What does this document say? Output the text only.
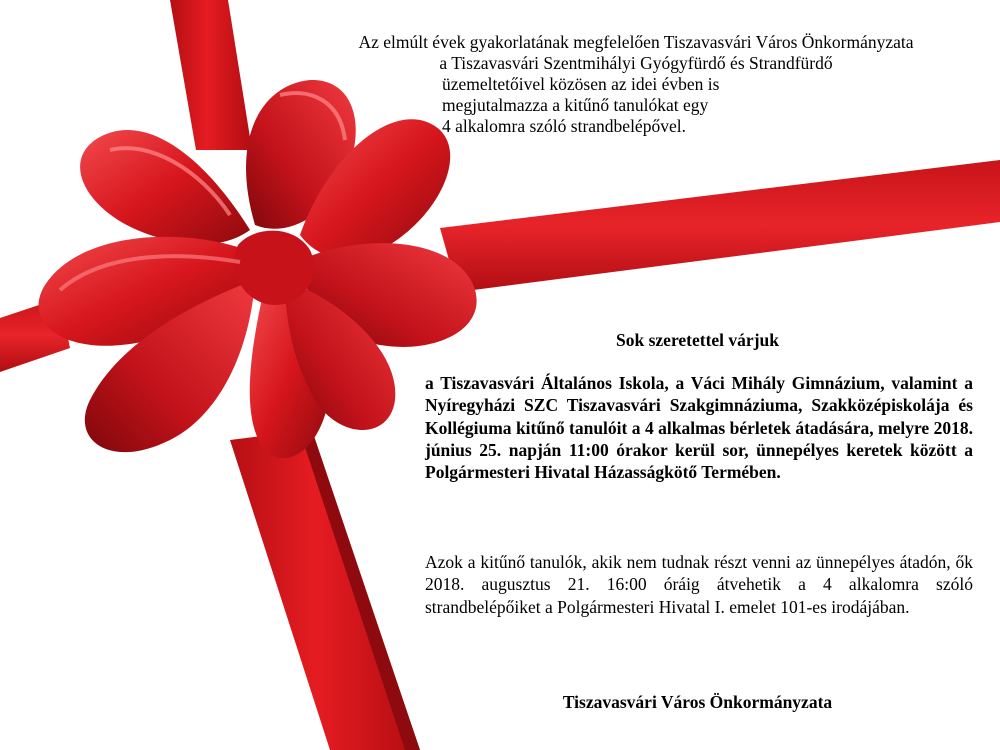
Az elmúlt évek gyakorlatának megfelelően Tiszavasvári Város Önkormányzata
a Tiszavasvári Szentmihályi Gyógyfürdő és Strandfürdő
üzemeltetőivel közösen az idei évben is
megjutalmazza a kitűnő tanulókat egy
4 alkalomra szóló strandbelépővel.

Sok szeretettel várjuk

a Tiszavasvári Általános Iskola, a Váci Mihály Gimnázium, valamint a Nyíregyházi SZC Tiszavasvári Szakgimnáziuma, Szakközépiskolája és Kollégiuma kitűnő tanulóit a 4 alkalmas bérletek átadására, melyre 2018. június 25. napján 11:00 órakor kerül sor, ünnepélyes keretek között a Polgármesteri Hivatal Házasságkötő Termében.

Azok a kitűnő tanulók, akik nem tudnak részt venni az ünnepélyes átadón, ők 2018. augusztus 21. 16:00 óráig átvehetik a 4 alkalomra szóló strandbelépőiket a Polgármesteri Hivatal I. emelet 101-es irodájában.

Tiszavasvári Város Önkormányzata
